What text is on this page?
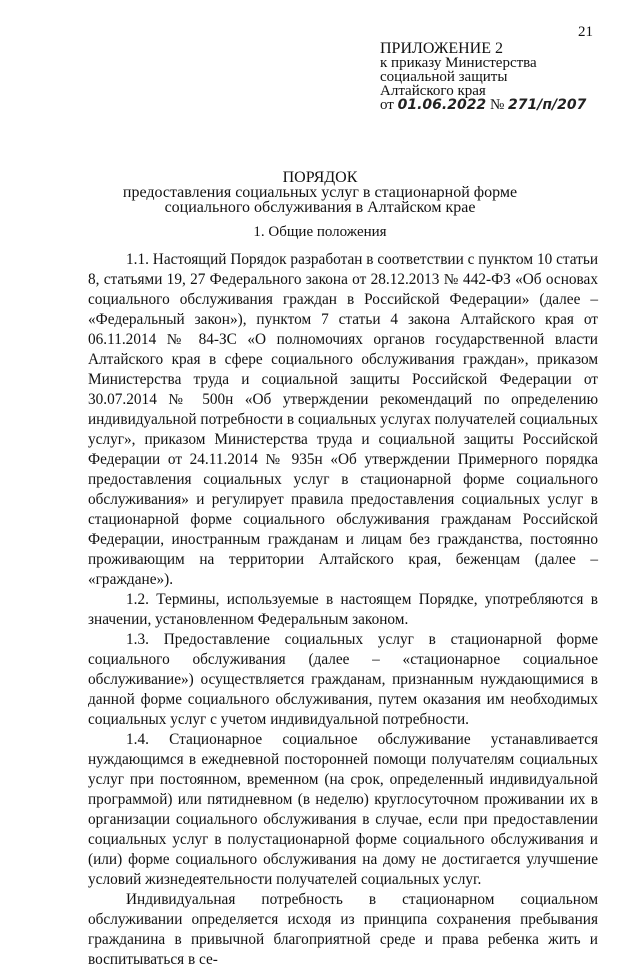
21
ПРИЛОЖЕНИЕ 2
к приказу Министерства
социальной защиты
Алтайского края
от 01.06.2022 № 271/п/207
ПОРЯДОК
предоставления социальных услуг в стационарной форме
социального обслуживания в Алтайском крае
1. Общие положения

1.1. Настоящий Порядок разработан в соответствии с пунктом 10 статьи 8, статьями 19, 27 Федерального закона от 28.12.2013 № 442-ФЗ «Об основах социального обслуживания граждан в Российской Федерации» (далее – «Федеральный закон»), пунктом 7 статьи 4 закона Алтайского края от 06.11.2014 № 84-ЗС «О полномочиях органов государственной власти Алтайского края в сфере социального обслуживания граждан», приказом Министерства труда и социальной защиты Российской Федерации от 30.07.2014 № 500н «Об утверждении рекомендаций по определению индивидуальной потребности в социальных услугах получателей социальных услуг», приказом Министерства труда и социальной защиты Российской Федерации от 24.11.2014 № 935н «Об утверждении Примерного порядка предоставления социальных услуг в стационарной форме социального обслуживания» и регулирует правила предоставления социальных услуг в стационарной форме социального обслуживания гражданам Российской Федерации, иностранным гражданам и лицам без гражданства, постоянно проживающим на территории Алтайского края, беженцам (далее – «граждане»).

1.2. Термины, используемые в настоящем Порядке, употребляются в значении, установленном Федеральным законом.

1.3. Предоставление социальных услуг в стационарной форме социального обслуживания (далее – «стационарное социальное обслуживание») осуществляется гражданам, признанным нуждающимися в данной форме социального обслуживания, путем оказания им необходимых социальных услуг с учетом индивидуальной потребности.

1.4. Стационарное социальное обслуживание устанавливается нуждающимся в ежедневной посторонней помощи получателям социальных услуг при постоянном, временном (на срок, определенный индивидуальной программой) или пятидневном (в неделю) круглосуточном проживании их в организации социального обслуживания в случае, если при предоставлении социальных услуг в полустационарной форме социального обслуживания и (или) форме социального обслуживания на дому не достигается улучшение условий жизнедеятельности получателей социальных услуг.

Индивидуальная потребность в стационарном социальном обслуживании определяется исходя из принципа сохранения пребывания гражданина в привычной благоприятной среде и права ребенка жить и воспитываться в се-
